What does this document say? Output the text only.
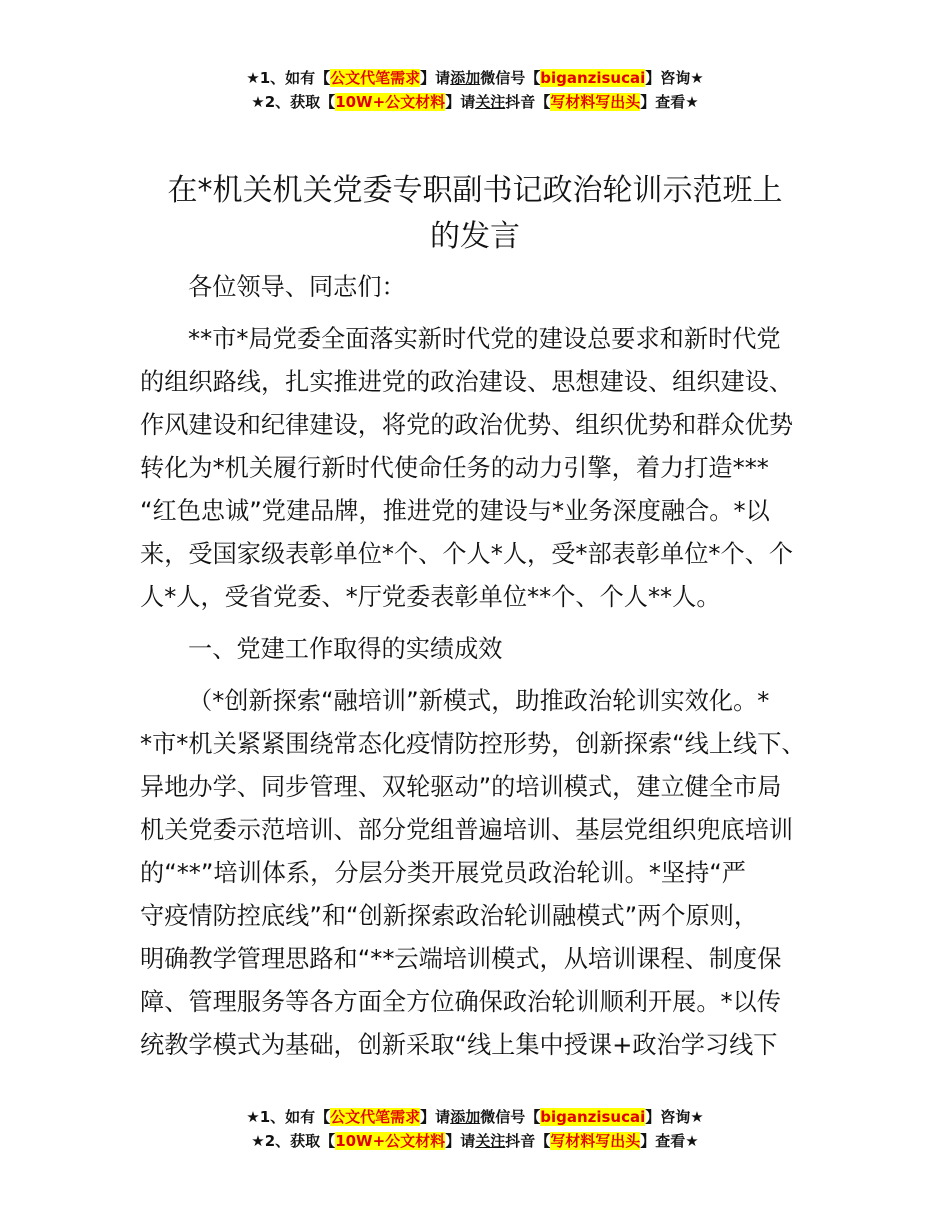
★1、如有【公文代笔需求】请添加微信号【biganzisucai】咨询★
★2、获取【10W+公文材料】请关注抖音【写材料写出头】查看★
在*机关机关党委专职副书记政治轮训示范班上
的发言

各位领导、同志们：

**市*局党委全面落实新时代党的建设总要求和新时代党
的组织路线，扎实推进党的政治建设、思想建设、组织建设、
作风建设和纪律建设，将党的政治优势、组织优势和群众优势
转化为*机关履行新时代使命任务的动力引擎，着力打造***
“红色忠诚”党建品牌，推进党的建设与*业务深度融合。*以
来，受国家级表彰单位*个、个人*人，受*部表彰单位*个、个
人*人，受省党委、*厅党委表彰单位**个、个人**人。

一、党建工作取得的实绩成效

（*创新探索“融培训”新模式，助推政治轮训实效化。*
*市*机关紧紧围绕常态化疫情防控形势，创新探索“线上线下、
异地办学、同步管理、双轮驱动”的培训模式，建立健全市局
机关党委示范培训、部分党组普遍培训、基层党组织兜底培训
的“**”培训体系，分层分类开展党员政治轮训。*坚持“严
守疫情防控底线”和“创新探索政治轮训融模式”两个原则，
明确教学管理思路和“**云端培训模式，从培训课程、制度保
障、管理服务等各方面全方位确保政治轮训顺利开展。*以传
统教学模式为基础，创新采取“线上集中授课+政治学习线下

★1、如有【公文代笔需求】请添加微信号【biganzisucai】咨询★
★2、获取【10W+公文材料】请关注抖音【写材料写出头】查看★
